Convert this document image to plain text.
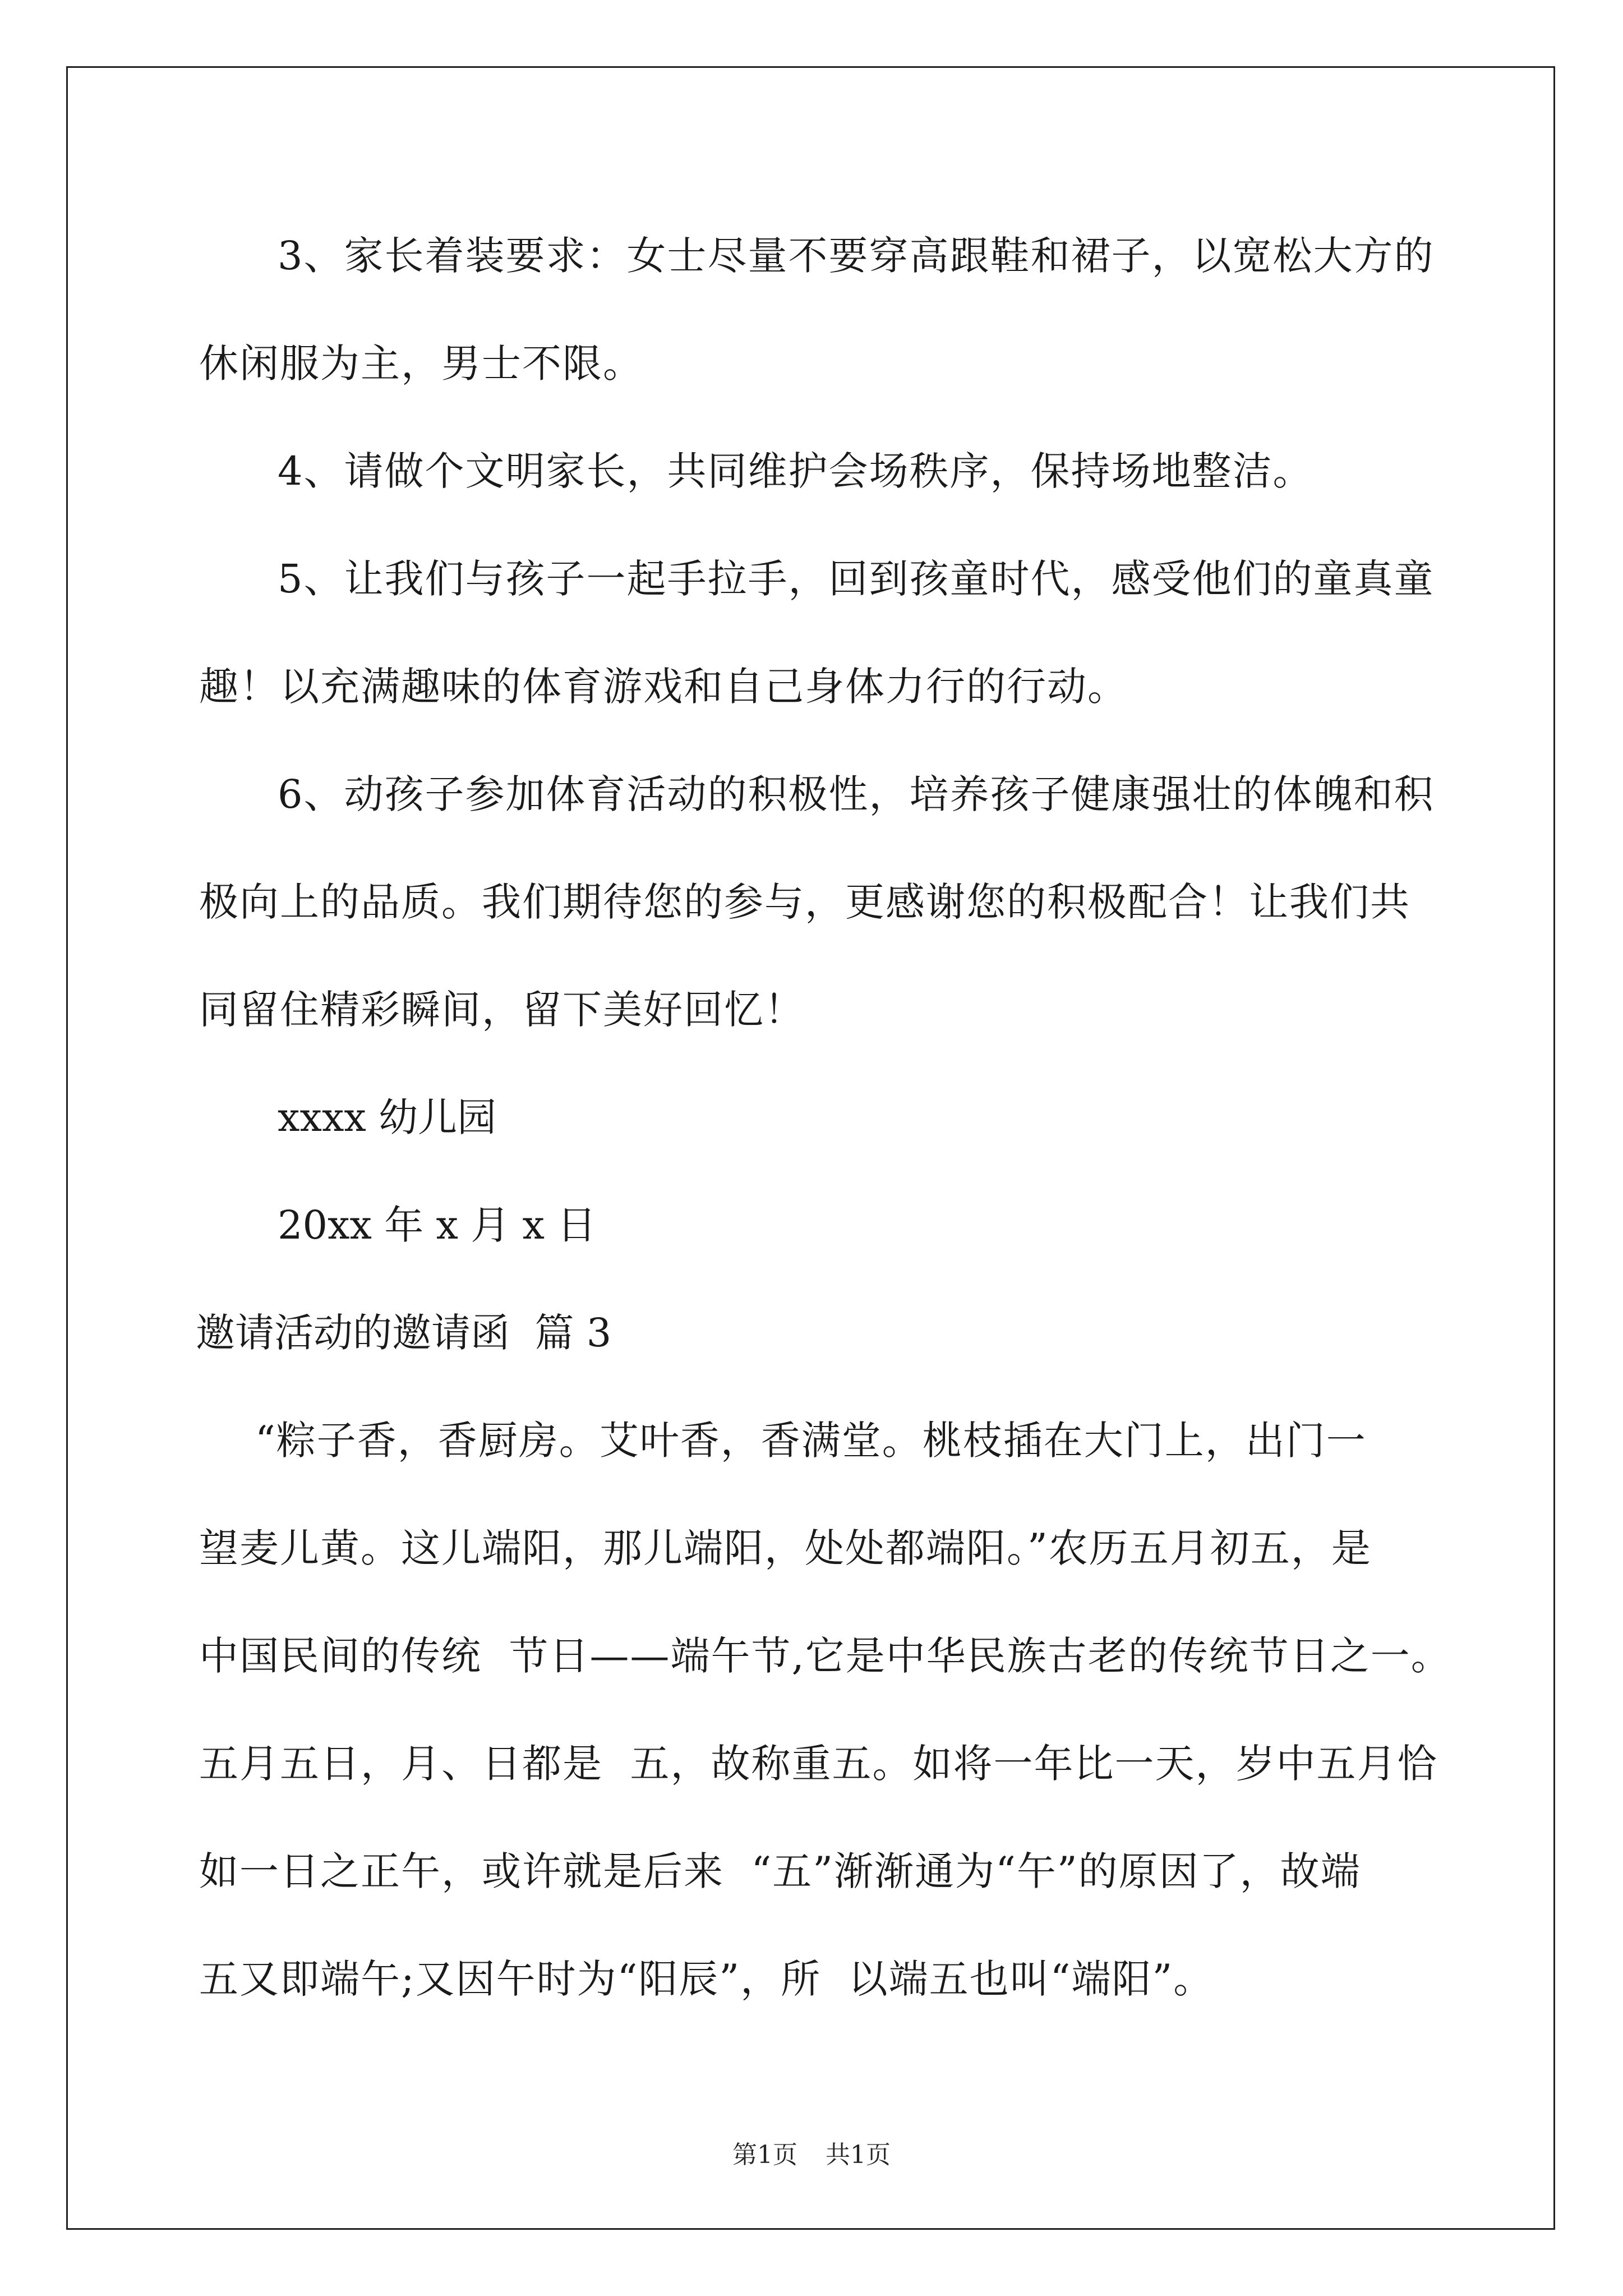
3、家长着装要求：女士尽量不要穿高跟鞋和裙子，以宽松大方的
休闲服为主，男士不限。
4、请做个文明家长，共同维护会场秩序，保持场地整洁。
5、让我们与孩子一起手拉手，回到孩童时代，感受他们的童真童
趣！以充满趣味的体育游戏和自己身体力行的行动。
6、动孩子参加体育活动的积极性，培养孩子健康强壮的体魄和积
极向上的品质。我们期待您的参与，更感谢您的积极配合！让我们共
同留住精彩瞬间，留下美好回忆！
xxxx 幼儿园
20xx 年 x 月 x 日
邀请活动的邀请函  篇 3
“粽子香，香厨房。艾叶香，香满堂。桃枝插在大门上，出门一
望麦儿黄。这儿端阳，那儿端阳，处处都端阳。”农历五月初五，是
中国民间的传统  节日——端午节,它是中华民族古老的传统节日之一。
五月五日，月、日都是  五，故称重五。如将一年比一天，岁中五月恰
如一日之正午，或许就是后来  “五”渐渐通为“午”的原因了，故端
五又即端午;又因午时为“阳辰”，所  以端五也叫“端阳”。
第1页 共1页
